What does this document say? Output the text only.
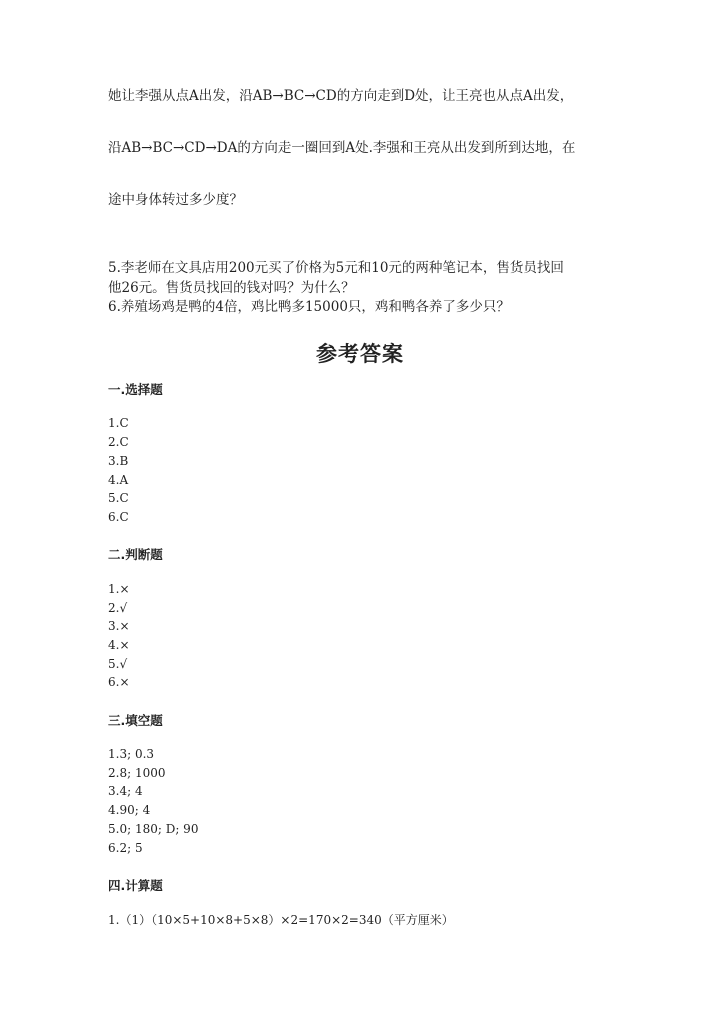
她让李强从点A出发，沿AB→BC→CD的方向走到D处，让王亮也从点A出发，
沿AB→BC→CD→DA的方向走一圈回到A处.李强和王亮从出发到所到达地，在
途中身体转过多少度？
5.李老师在文具店用200元买了价格为5元和10元的两种笔记本，售货员找回
他26元。售货员找回的钱对吗？为什么？
6.养殖场鸡是鸭的4倍，鸡比鸭多15000只，鸡和鸭各养了多少只？
参考答案
一.选择题
1.C
2.C
3.B
4.A
5.C
6.C
二.判断题
1.×
2.√
3.×
4.×
5.√
6.×
三.填空题
1.3; 0.3
2.8; 1000
3.4; 4
4.90; 4
5.0; 180; D; 90
6.2; 5
四.计算题
1.（1）（10×5+10×8+5×8）×2=170×2=340（平方厘米）
